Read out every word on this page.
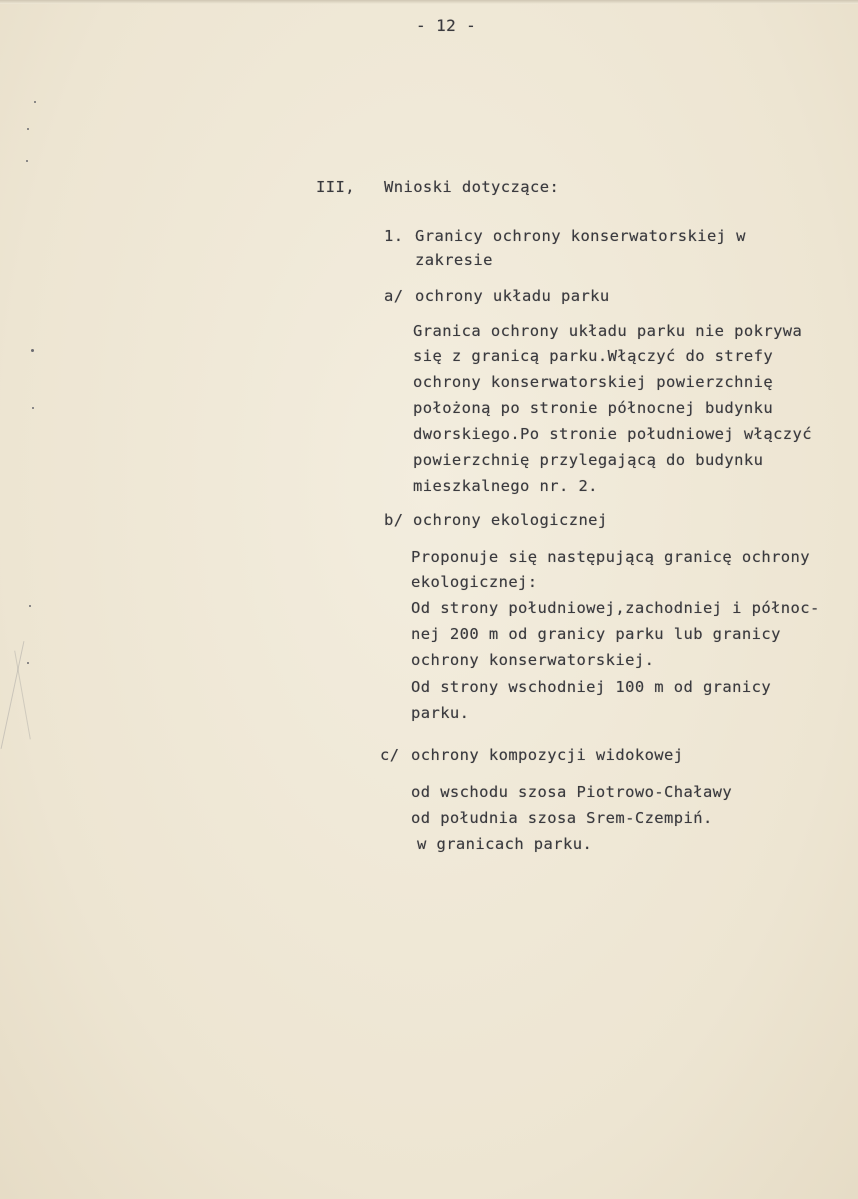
- 12 -
III, Wnioski dotyczące:
1. Granicy ochrony konserwatorskiej w
zakresie
a/ ochrony układu parku
Granica ochrony układu parku nie pokrywa
się z granicą parku.Włączyć do strefy
ochrony konserwatorskiej powierzchnię
położoną po stronie północnej budynku
dworskiego.Po stronie południowej włączyć
powierzchnię przylegającą do budynku
mieszkalnego nr. 2.
b/ ochrony ekologicznej
Proponuje się następującą granicę ochrony
ekologicznej:
Od strony południowej,zachodniej i północ-
nej 200 m od granicy parku lub granicy
ochrony konserwatorskiej.
Od strony wschodniej 100 m od granicy
parku.
c/ ochrony kompozycji widokowej
od wschodu szosa Piotrowo-Chaławy
od południa szosa Srem-Czempiń.
w granicach parku.
